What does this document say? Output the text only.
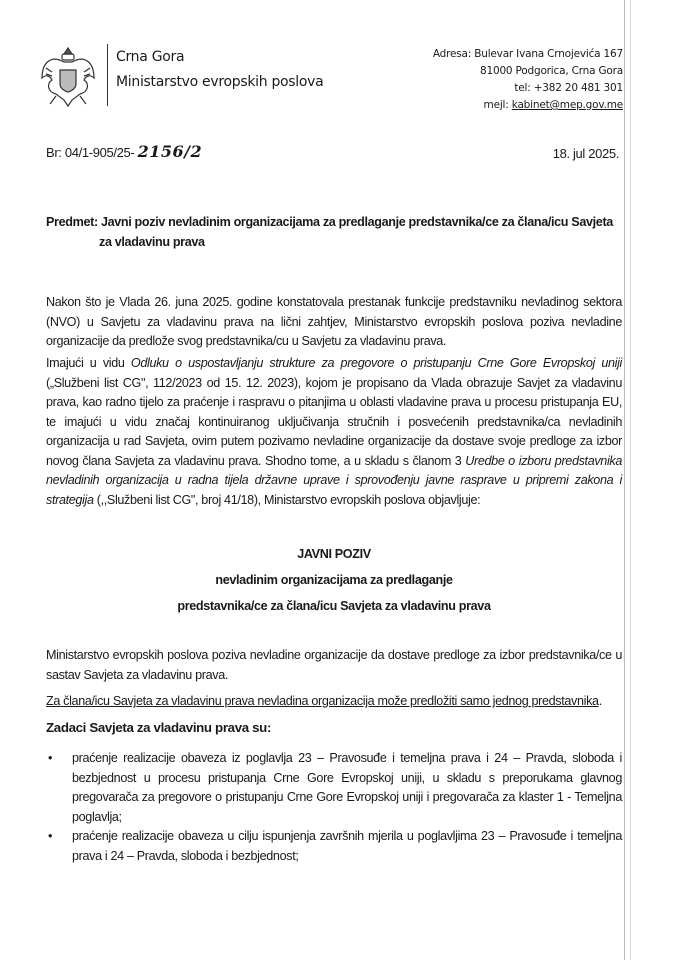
Crna Gora
Ministarstvo evropskih poslova
Adresa: Bulevar Ivana Crnojevića 167
81000 Podgorica, Crna Gora
tel: +382 20 481 301
mejl: kabinet@mep.gov.me
Br: 04/1-905/25- 2156/2	18. jul 2025.
Predmet: Javni poziv nevladinim organizacijama za predlaganje predstavnika/ce za člana/icu Savjeta
za vladavinu prava
Nakon što je Vlada 26. juna 2025. godine konstatovala prestanak funkcije predstavniku nevladinog sektora (NVO) u Savjetu za vladavinu prava na lični zahtjev, Ministarstvo evropskih poslova poziva nevladine organizacije da predlože svog predstavnika/cu u Savjetu za vladavinu prava.
Imajući u vidu Odluku o uspostavljanju strukture za pregovore o pristupanju Crne Gore Evropskoj uniji („Službeni list CG", 112/2023 od 15. 12. 2023), kojom je propisano da Vlada obrazuje Savjet za vladavinu prava, kao radno tijelo za praćenje i raspravu o pitanjima u oblasti vladavine prava u procesu pristupanja EU, te imajući u vidu značaj kontinuiranog uključivanja stručnih i posvećenih predstavnika/ca nevladinih organizacija u rad Savjeta, ovim putem pozivamo nevladine organizacije da dostave svoje predloge za izbor novog člana Savjeta za vladavinu prava. Shodno tome, a u skladu s članom 3 Uredbe o izboru predstavnika nevladinih organizacija u radna tijela državne uprave i sprovođenju javne rasprave u pripremi zakona i strategija (,,Službeni list CG", broj 41/18), Ministarstvo evropskih poslova objavljuje:
JAVNI POZIV
nevladinim organizacijama za predlaganje
predstavnika/ce za člana/icu Savjeta za vladavinu prava
Ministarstvo evropskih poslova poziva nevladine organizacije da dostave predloge za izbor predstavnika/ce u sastav Savjeta za vladavinu prava.
Za člana/icu Savjeta za vladavinu prava nevladina organizacija može predložiti samo jednog predstavnika.
Zadaci Savjeta za vladavinu prava su:
• praćenje realizacije obaveza iz poglavlja 23 – Pravosuđe i temeljna prava i 24 – Pravda, sloboda i bezbjednost u procesu pristupanja Crne Gore Evropskoj uniji, u skladu s preporukama glavnog pregovarača za pregovore o pristupanju Crne Gore Evropskoj uniji i pregovarača za klaster 1 - Temeljna poglavlja;
• praćenje realizacije obaveza u cilju ispunjenja završnih mjerila u poglavljima 23 – Pravosuđe i temeljna prava i 24 – Pravda, sloboda i bezbjednost;
